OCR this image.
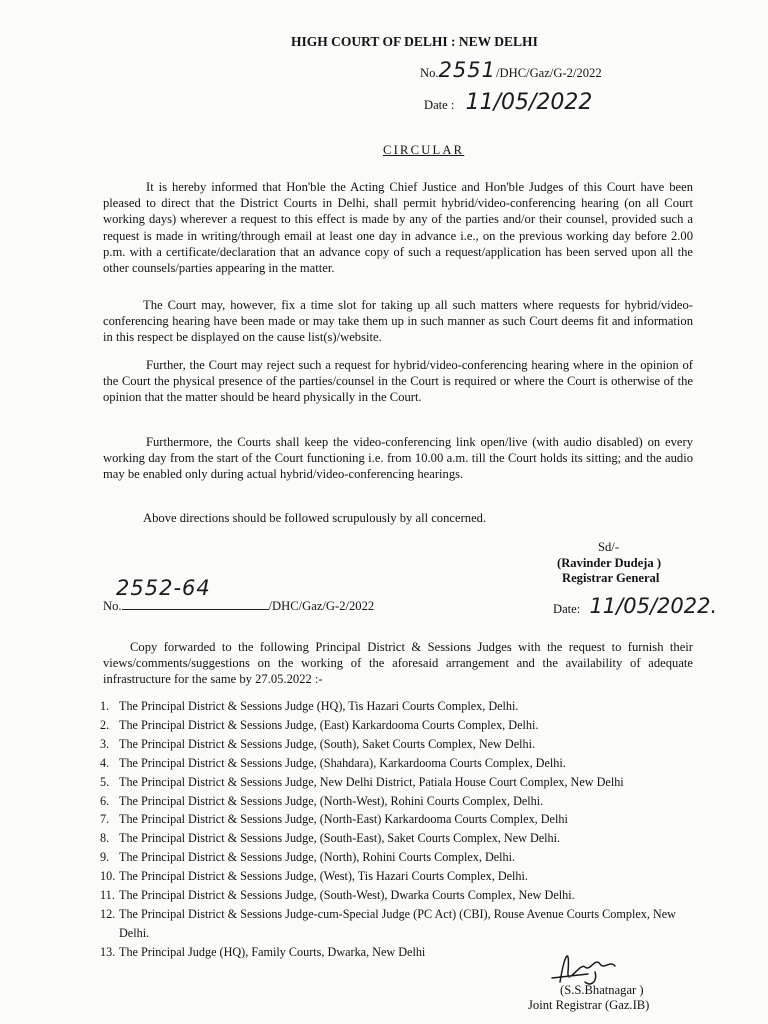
HIGH COURT OF DELHI : NEW DELHI
No.2551/DHC/Gaz/G-2/2022
Date : 11/05/2022
CIRCULAR
It is hereby informed that Hon'ble the Acting Chief Justice and Hon'ble Judges of this Court have been pleased to direct that the District Courts in Delhi, shall permit hybrid/video-conferencing hearing (on all Court working days) wherever a request to this effect is made by any of the parties and/or their counsel, provided such a request is made in writing/through email at least one day in advance i.e., on the previous working day before 2.00 p.m. with a certificate/declaration that an advance copy of such a request/application has been served upon all the other counsels/parties appearing in the matter.
The Court may, however, fix a time slot for taking up all such matters where requests for hybrid/video-conferencing hearing have been made or may take them up in such manner as such Court deems fit and information in this respect be displayed on the cause list(s)/website.
Further, the Court may reject such a request for hybrid/video-conferencing hearing where in the opinion of the Court the physical presence of the parties/counsel in the Court is required or where the Court is otherwise of the opinion that the matter should be heard physically in the Court.
Furthermore, the Courts shall keep the video-conferencing link open/live (with audio disabled) on every working day from the start of the Court functioning i.e. from 10.00 a.m. till the Court holds its sitting; and the audio may be enabled only during actual hybrid/video-conferencing hearings.
Above directions should be followed scrupulously by all concerned.
Sd/-
(Ravinder Dudeja )
Registrar General
2552-64
No.	/DHC/Gaz/G-2/2022	Date: 11/05/2022.
Copy forwarded to the following Principal District & Sessions Judges with the request to furnish their views/comments/suggestions on the working of the aforesaid arrangement and the availability of adequate infrastructure for the same by 27.05.2022 :-
1. The Principal District & Sessions Judge (HQ), Tis Hazari Courts Complex, Delhi.
2. The Principal District & Sessions Judge, (East) Karkardooma Courts Complex, Delhi.
3. The Principal District & Sessions Judge, (South), Saket Courts Complex, New Delhi.
4. The Principal District & Sessions Judge, (Shahdara), Karkardooma Courts Complex, Delhi.
5. The Principal District & Sessions Judge, New Delhi District, Patiala House Court Complex, New Delhi
6. The Principal District & Sessions Judge, (North-West), Rohini Courts Complex, Delhi.
7. The Principal District & Sessions Judge, (North-East) Karkardooma Courts Complex, Delhi
8. The Principal District & Sessions Judge, (South-East), Saket Courts Complex, New Delhi.
9. The Principal District & Sessions Judge, (North), Rohini Courts Complex, Delhi.
10. The Principal District & Sessions Judge, (West), Tis Hazari Courts Complex, Delhi.
11. The Principal District & Sessions Judge, (South-West), Dwarka Courts Complex, New Delhi.
12. The Principal District & Sessions Judge-cum-Special Judge (PC Act) (CBI), Rouse Avenue Courts Complex, New Delhi.
13. The Principal Judge (HQ), Family Courts, Dwarka, New Delhi
(S.S.Bhatnagar )
Joint Registrar (Gaz.IB)
